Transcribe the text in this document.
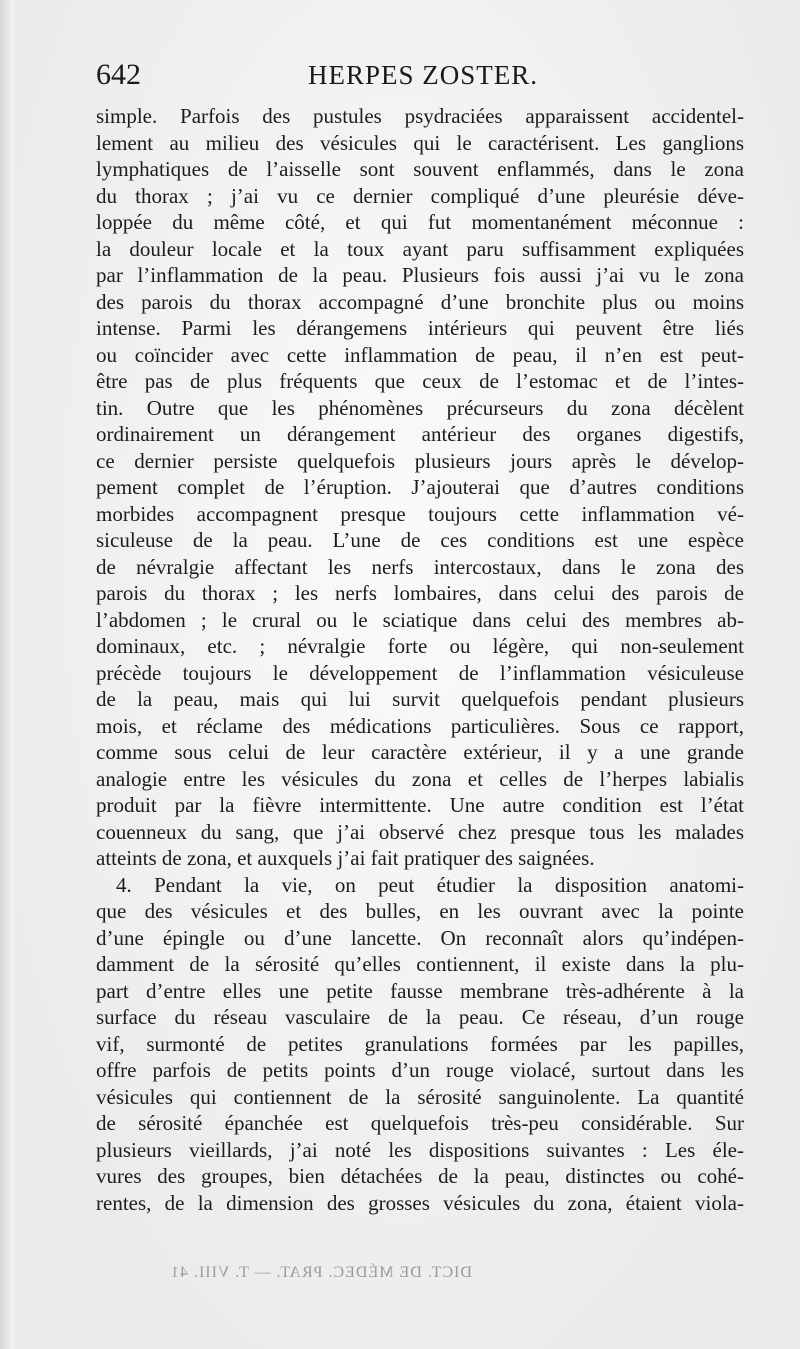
642	HERPES ZOSTER.
simple. Parfois des pustules psydraciées apparaissent accidentel-
lement au milieu des vésicules qui le caractérisent. Les ganglions
lymphatiques de l’aisselle sont souvent enflammés, dans le zona
du thorax ; j’ai vu ce dernier compliqué d’une pleurésie déve-
loppée du même côté, et qui fut momentanément méconnue :
la douleur locale et la toux ayant paru suffisamment expliquées
par l’inflammation de la peau. Plusieurs fois aussi j’ai vu le zona
des parois du thorax accompagné d’une bronchite plus ou moins
intense. Parmi les dérangemens intérieurs qui peuvent être liés
ou coïncider avec cette inflammation de peau, il n’en est peut-
être pas de plus fréquents que ceux de l’estomac et de l’intes-
tin. Outre que les phénomènes précurseurs du zona décèlent
ordinairement un dérangement antérieur des organes digestifs,
ce dernier persiste quelquefois plusieurs jours après le dévelop-
pement complet de l’éruption. J’ajouterai que d’autres conditions
morbides accompagnent presque toujours cette inflammation vé-
siculeuse de la peau. L’une de ces conditions est une espèce
de névralgie affectant les nerfs intercostaux, dans le zona des
parois du thorax ; les nerfs lombaires, dans celui des parois de
l’abdomen ; le crural ou le sciatique dans celui des membres ab-
dominaux, etc. ; névralgie forte ou légère, qui non-seulement
précède toujours le développement de l’inflammation vésiculeuse
de la peau, mais qui lui survit quelquefois pendant plusieurs
mois, et réclame des médications particulières. Sous ce rapport,
comme sous celui de leur caractère extérieur, il y a une grande
analogie entre les vésicules du zona et celles de l’herpes labialis
produit par la fièvre intermittente. Une autre condition est l’état
couenneux du sang, que j’ai observé chez presque tous les malades
atteints de zona, et auxquels j’ai fait pratiquer des saignées.
4. Pendant la vie, on peut étudier la disposition anatomi-
que des vésicules et des bulles, en les ouvrant avec la pointe
d’une épingle ou d’une lancette. On reconnaît alors qu’indépen-
damment de la sérosité qu’elles contiennent, il existe dans la plu-
part d’entre elles une petite fausse membrane très-adhérente à la
surface du réseau vasculaire de la peau. Ce réseau, d’un rouge
vif, surmonté de petites granulations formées par les papilles,
offre parfois de petits points d’un rouge violacé, surtout dans les
vésicules qui contiennent de la sérosité sanguinolente. La quantité
de sérosité épanchée est quelquefois très-peu considérable. Sur
plusieurs vieillards, j’ai noté les dispositions suivantes : Les éle-
vures des groupes, bien détachées de la peau, distinctes ou cohé-
rentes, de la dimension des grosses vésicules du zona, étaient viola-
DICT. DE MÉDEC. PRAT. — T. VIII. 41
